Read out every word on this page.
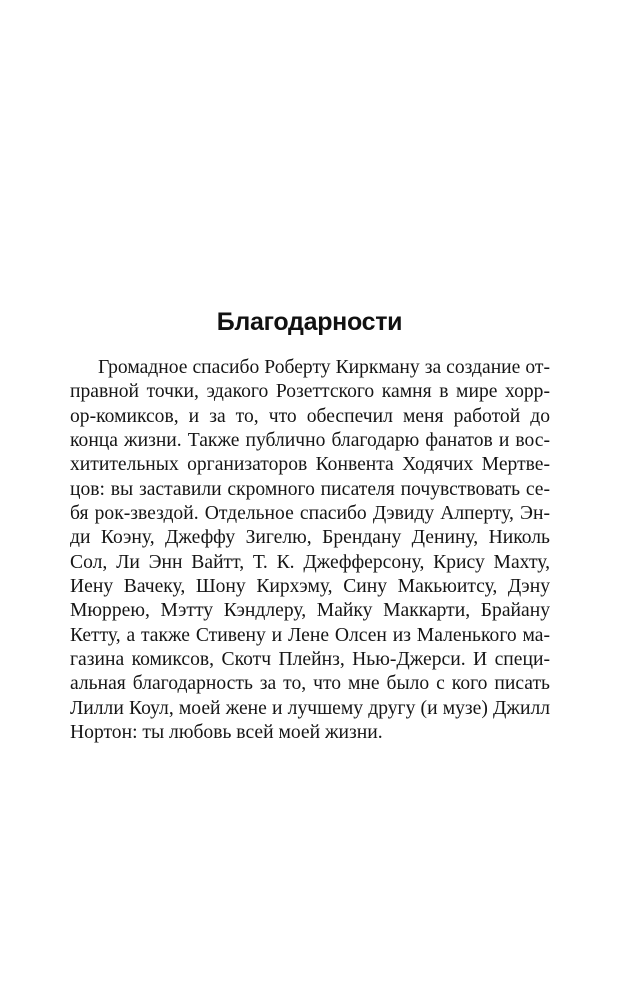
Благодарности
Громадное спасибо Роберту Киркману за создание от-
правной точки, эдакого Розеттского камня в мире хорр-
ор-комиксов, и за то, что обеспечил меня работой до
конца жизни. Также публично благодарю фанатов и вос-
хитительных организаторов Конвента Ходячих Мертве-
цов: вы заставили скромного писателя почувствовать се-
бя рок-звездой. Отдельное спасибо Дэвиду Алперту, Эн-
ди Коэну, Джеффу Зигелю, Брендану Денину, Николь
Сол, Ли Энн Вайтт, Т. К. Джефферсону, Крису Махту,
Иену Вачеку, Шону Кирхэму, Сину Макьюитсу, Дэну
Мюррею, Мэтту Кэндлеру, Майку Маккарти, Брайану
Кетту, а также Стивену и Лене Олсен из Маленького ма-
газина комиксов, Скотч Плейнз, Нью-Джерси. И специ-
альная благодарность за то, что мне было с кого писать
Лилли Коул, моей жене и лучшему другу (и музе) Джилл
Нортон: ты любовь всей моей жизни.
